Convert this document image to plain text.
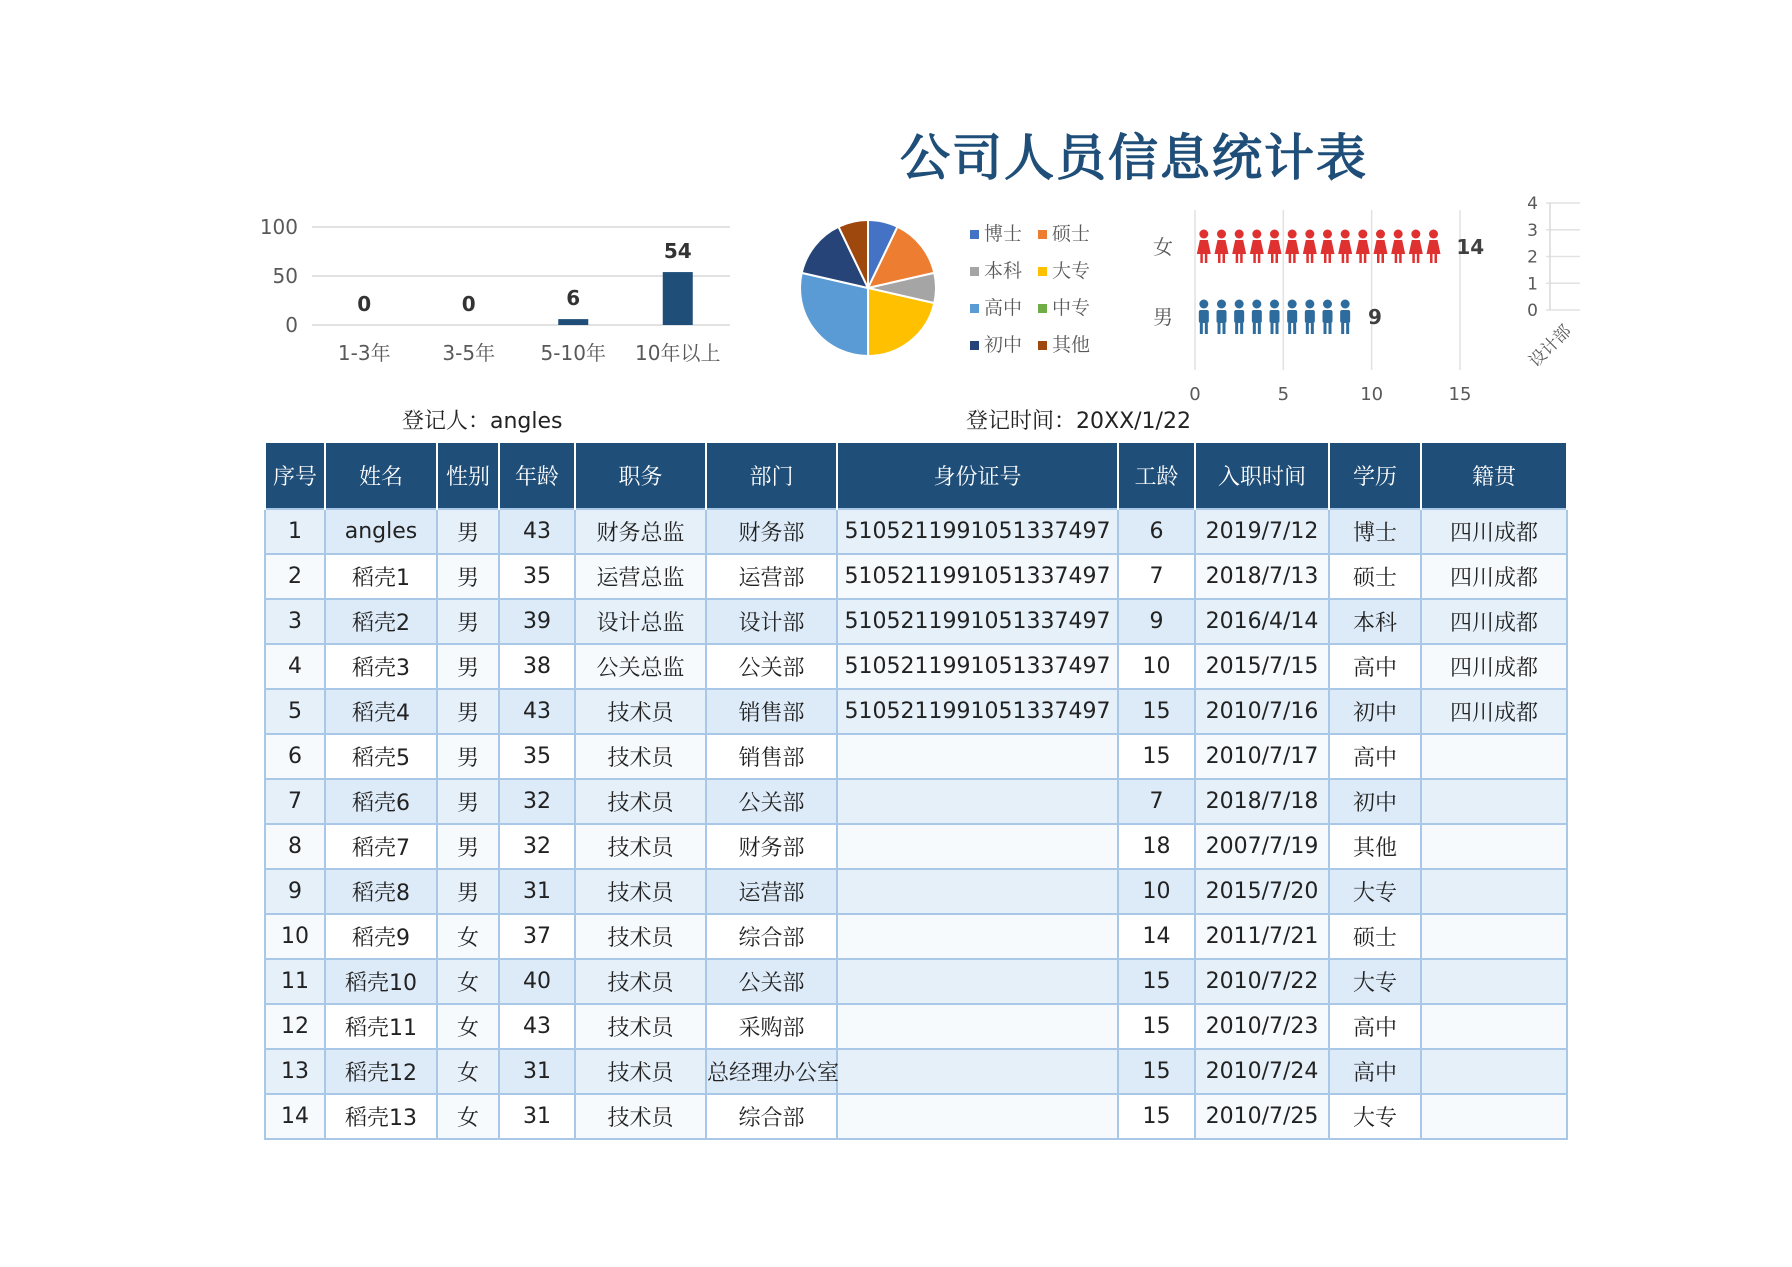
公司人员信息统计表
100
50
0
0
1-3年
0
3-5年
6
5-10年
54
10年以上
博士 硕士
本科 大专
高中 中专
初中 其他
0	5	10	15
女	14
男	9
4
3
2
1
0
设计部
登记人：angles	登记时间：20XX/1/22
序号	姓名	性别	年龄	职务	部门	身份证号	工龄	入职时间	学历	籍贯
1	angles	男	43	财务总监	财务部	5105211991051337497	6	2019/7/12	博士	四川成都
2	稻壳1	男	35	运营总监	运营部	5105211991051337497	7	2018/7/13	硕士	四川成都
3	稻壳2	男	39	设计总监	设计部	5105211991051337497	9	2016/4/14	本科	四川成都
4	稻壳3	男	38	公关总监	公关部	5105211991051337497	10	2015/7/15	高中	四川成都
5	稻壳4	男	43	技术员	销售部	5105211991051337497	15	2010/7/16	初中	四川成都
6	稻壳5	男	35	技术员	销售部		15	2010/7/17	高中	
7	稻壳6	男	32	技术员	公关部		7	2018/7/18	初中	
8	稻壳7	男	32	技术员	财务部		18	2007/7/19	其他	
9	稻壳8	男	31	技术员	运营部		10	2015/7/20	大专	
10	稻壳9	女	37	技术员	综合部		14	2011/7/21	硕士	
11	稻壳10	女	40	技术员	公关部		15	2010/7/22	大专	
12	稻壳11	女	43	技术员	采购部		15	2010/7/23	高中	
13	稻壳12	女	31	技术员	总经理办公室		15	2010/7/24	高中	
14	稻壳13	女	31	技术员	综合部		15	2010/7/25	大专	
